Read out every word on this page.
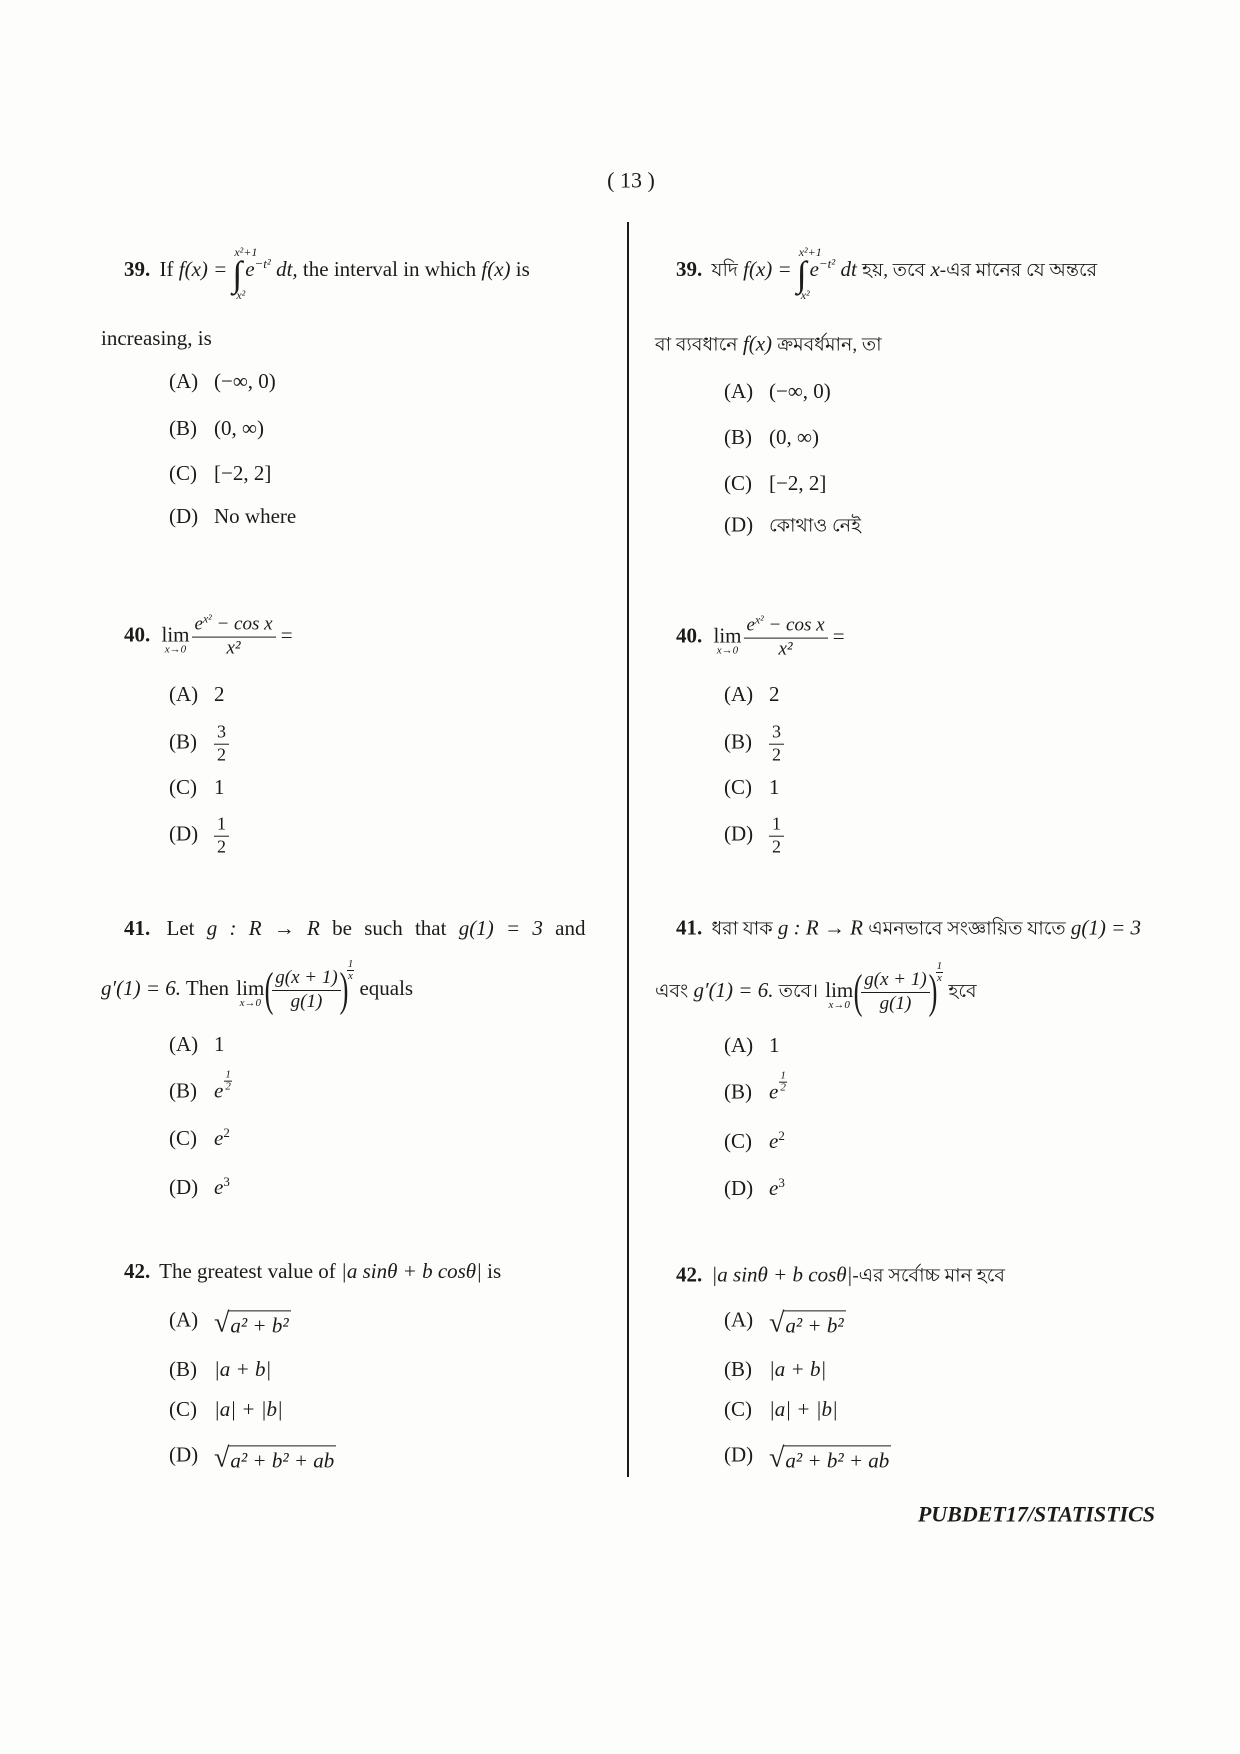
( 13 )
39. If f(x) =
x²+1
∫
x²
$e^{-t^2}$ dt, the interval in which f(x) is
increasing, is
(A) (−∞, 0)
(B) (0, ∞)
(C) [−2, 2]
(D) No where
40. lim
$x\to 0 \frac{e^{x^2} - \cos x}{\text{x²}}$ =
(A) 2
$(B) \frac{3}{2}$
(C) 1
$(D) \frac{1}{2}$
41. Let g : R → R be such that g(1) = 3 and
g′(1) = 6. Then lim
x→0 (
$\frac{g(x + 1)}{g(1)}$
)
$\frac{1}{x}$
equals
(A) 1
(B) e $\frac{1}{2}$
(C) $e^2$
(D) $e^3$
42. The greatest value of |a sinθ + b cosθ| is
(A) √ a² + b²
(B) |a + b|
(C) |a| + |b|
(D) √ a² + b² + ab
39. যদি f(x) =
x²+1
∫
x²
$e^{-t^2}$ dt হয়, তবে x-এর মানের যে অন্তরে
বা ব্যবধানে f(x) ক্রমবর্ধমান, তা
(A) (−∞, 0)
(B) (0, ∞)
(C) [−2, 2]
(D) কোথাও নেই
40. lim
$x\to 0 \frac{e^{x^2} - \cos x}{\text{x²}}$ =
(A) 2
$(B) \frac{3}{2}$
(C) 1
$(D) \frac{1}{2}$
41. ধরা যাক g : R → R এমনভাবে সংজ্ঞায়িত যাতে g(1) = 3
এবং g′(1) = 6. তবে। lim
x→0 (
$\frac{g(x + 1)}{g(1)}$
)
$\frac{1}{x}$
হবে
(A) 1
(B) e $\frac{1}{2}$
(C) $e^2$
(D) $e^3$
42. |a sinθ + b cosθ|-এর সর্বোচ্চ মান হবে
(A) √ a² + b²
(B) |a + b|
(C) |a| + |b|
(D) √ a² + b² + ab
PUBDET17/STATISTICS
